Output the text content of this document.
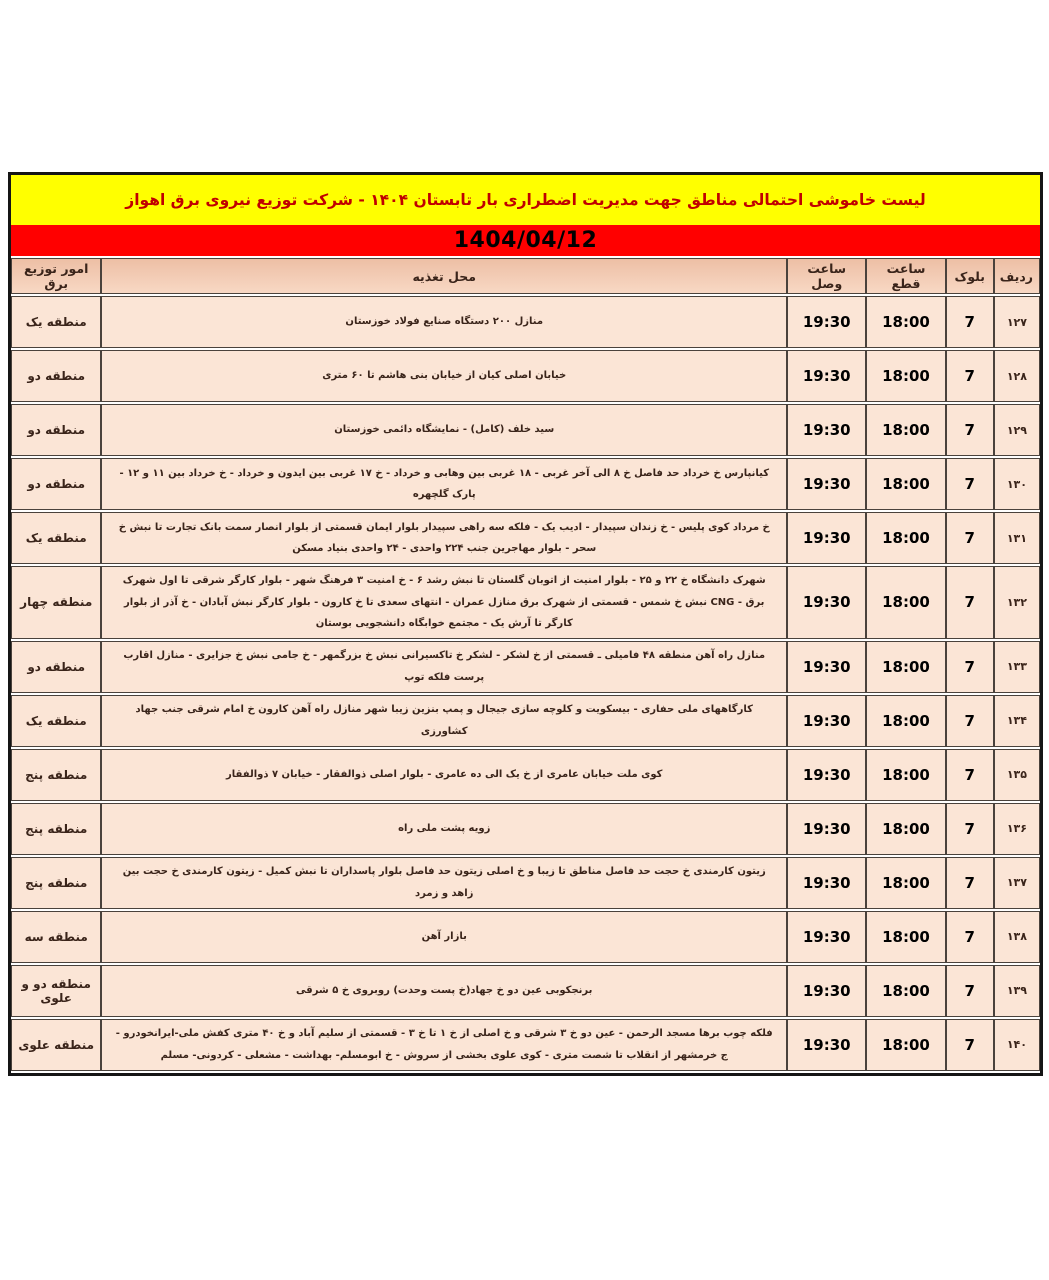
لیست خاموشی احتمالی مناطق جهت مدیریت اضطراری بار تابستان ۱۴۰۴ - شرکت توزیع نیروی برق اهواز
1404/04/12
ردیف	بلوک	ساعت قطع	ساعت وصل	محل تغذیه	امور توزیع برق
۱۲۷	7	18:00	19:30	منازل ۲۰۰ دستگاه صنایع فولاد خوزستان	منطقه یک
۱۲۸	7	18:00	19:30	خیابان اصلی کیان از خیابان بنی هاشم تا ۶۰ متری	منطقه دو
۱۲۹	7	18:00	19:30	سید خلف (کامل) - نمایشگاه دائمی خوزستان	منطقه دو
۱۳۰	7	18:00	19:30	کیانپارس خ خرداد حد فاصل خ ۸ الی آخر غربی - ۱۸ غربی بین وهابی و خرداد - خ ۱۷ غربی بین ایدون و خرداد - خ خرداد بین ۱۱ و ۱۲ - پارک گلچهره	منطقه دو
۱۳۱	7	18:00	19:30	خ مرداد کوی پلیس - خ زندان سپیدار - ادیب یک - فلکه سه راهی سپیدار بلوار ایمان قسمتی از بلوار انصار سمت بانک تجارت تا نبش خ سحر - بلوار مهاجرین جنب ۲۲۴ واحدی - ۲۴ واحدی بنیاد مسکن	منطقه یک
۱۳۲	7	18:00	19:30	شهرک دانشگاه خ ۲۲ و ۲۵ - بلوار امنیت از اتوبان گلستان تا نبش رشد ۶ - خ امنیت ۳ فرهنگ شهر - بلوار کارگر شرقی تا اول شهرک برق - CNG نبش خ شمس - قسمتی از شهرک برق منازل عمران - انتهای سعدی تا خ کارون - بلوار کارگر نبش آبادان - خ آذر از بلوار کارگر تا آرش یک - مجتمع خوابگاه دانشجویی بوستان	منطقه چهار
۱۳۳	7	18:00	19:30	منازل راه آهن منطقه ۴۸ فامیلی ـ قسمتی از خ لشکر - لشکر خ تاکسیرانی نبش خ بزرگمهر - خ جامی نبش خ جزایری - منازل اقارب پرست فلکه توپ	منطقه دو
۱۳۴	7	18:00	19:30	کارگاههای ملی حفاری - بیسکویت و کلوچه سازی جیجال و پمپ بنزین زیبا شهر منازل راه آهن کارون خ امام شرقی جنب جهاد کشاورزی	منطقه یک
۱۳۵	7	18:00	19:30	کوی ملت خیابان عامری از خ یک الی ده عامری - بلوار اصلی ذوالفقار - خیابان ۷ ذوالفقار	منطقه پنج
۱۳۶	7	18:00	19:30	زویه پشت ملی راه	منطقه پنج
۱۳۷	7	18:00	19:30	زیتون کارمندی خ حجت حد فاصل مناطق تا زیبا و خ اصلی زیتون حد فاصل بلوار پاسداران تا نبش کمیل - زیتون کارمندی خ حجت بین زاهد و زمرد	منطقه پنج
۱۳۸	7	18:00	19:30	بازار آهن	منطقه سه
۱۳۹	7	18:00	19:30	برنجکوبی عین دو خ جهاد(خ پست وحدت) روبروی خ ۵ شرقی	منطقه دو و علوی
۱۴۰	7	18:00	19:30	فلکه چوب برها مسجد الرحمن - عین دو خ ۳ شرقی و خ اصلی از خ ۱ تا خ ۳ - قسمتی از سلیم آباد و خ ۴۰ متری کفش ملی-ایرانخودرو - ج خرمشهر از انقلاب تا شصت متری - کوی علوی بخشی از سروش - خ ابومسلم- بهداشت - مشعلی - کردونی- مسلم	منطقه علوی
